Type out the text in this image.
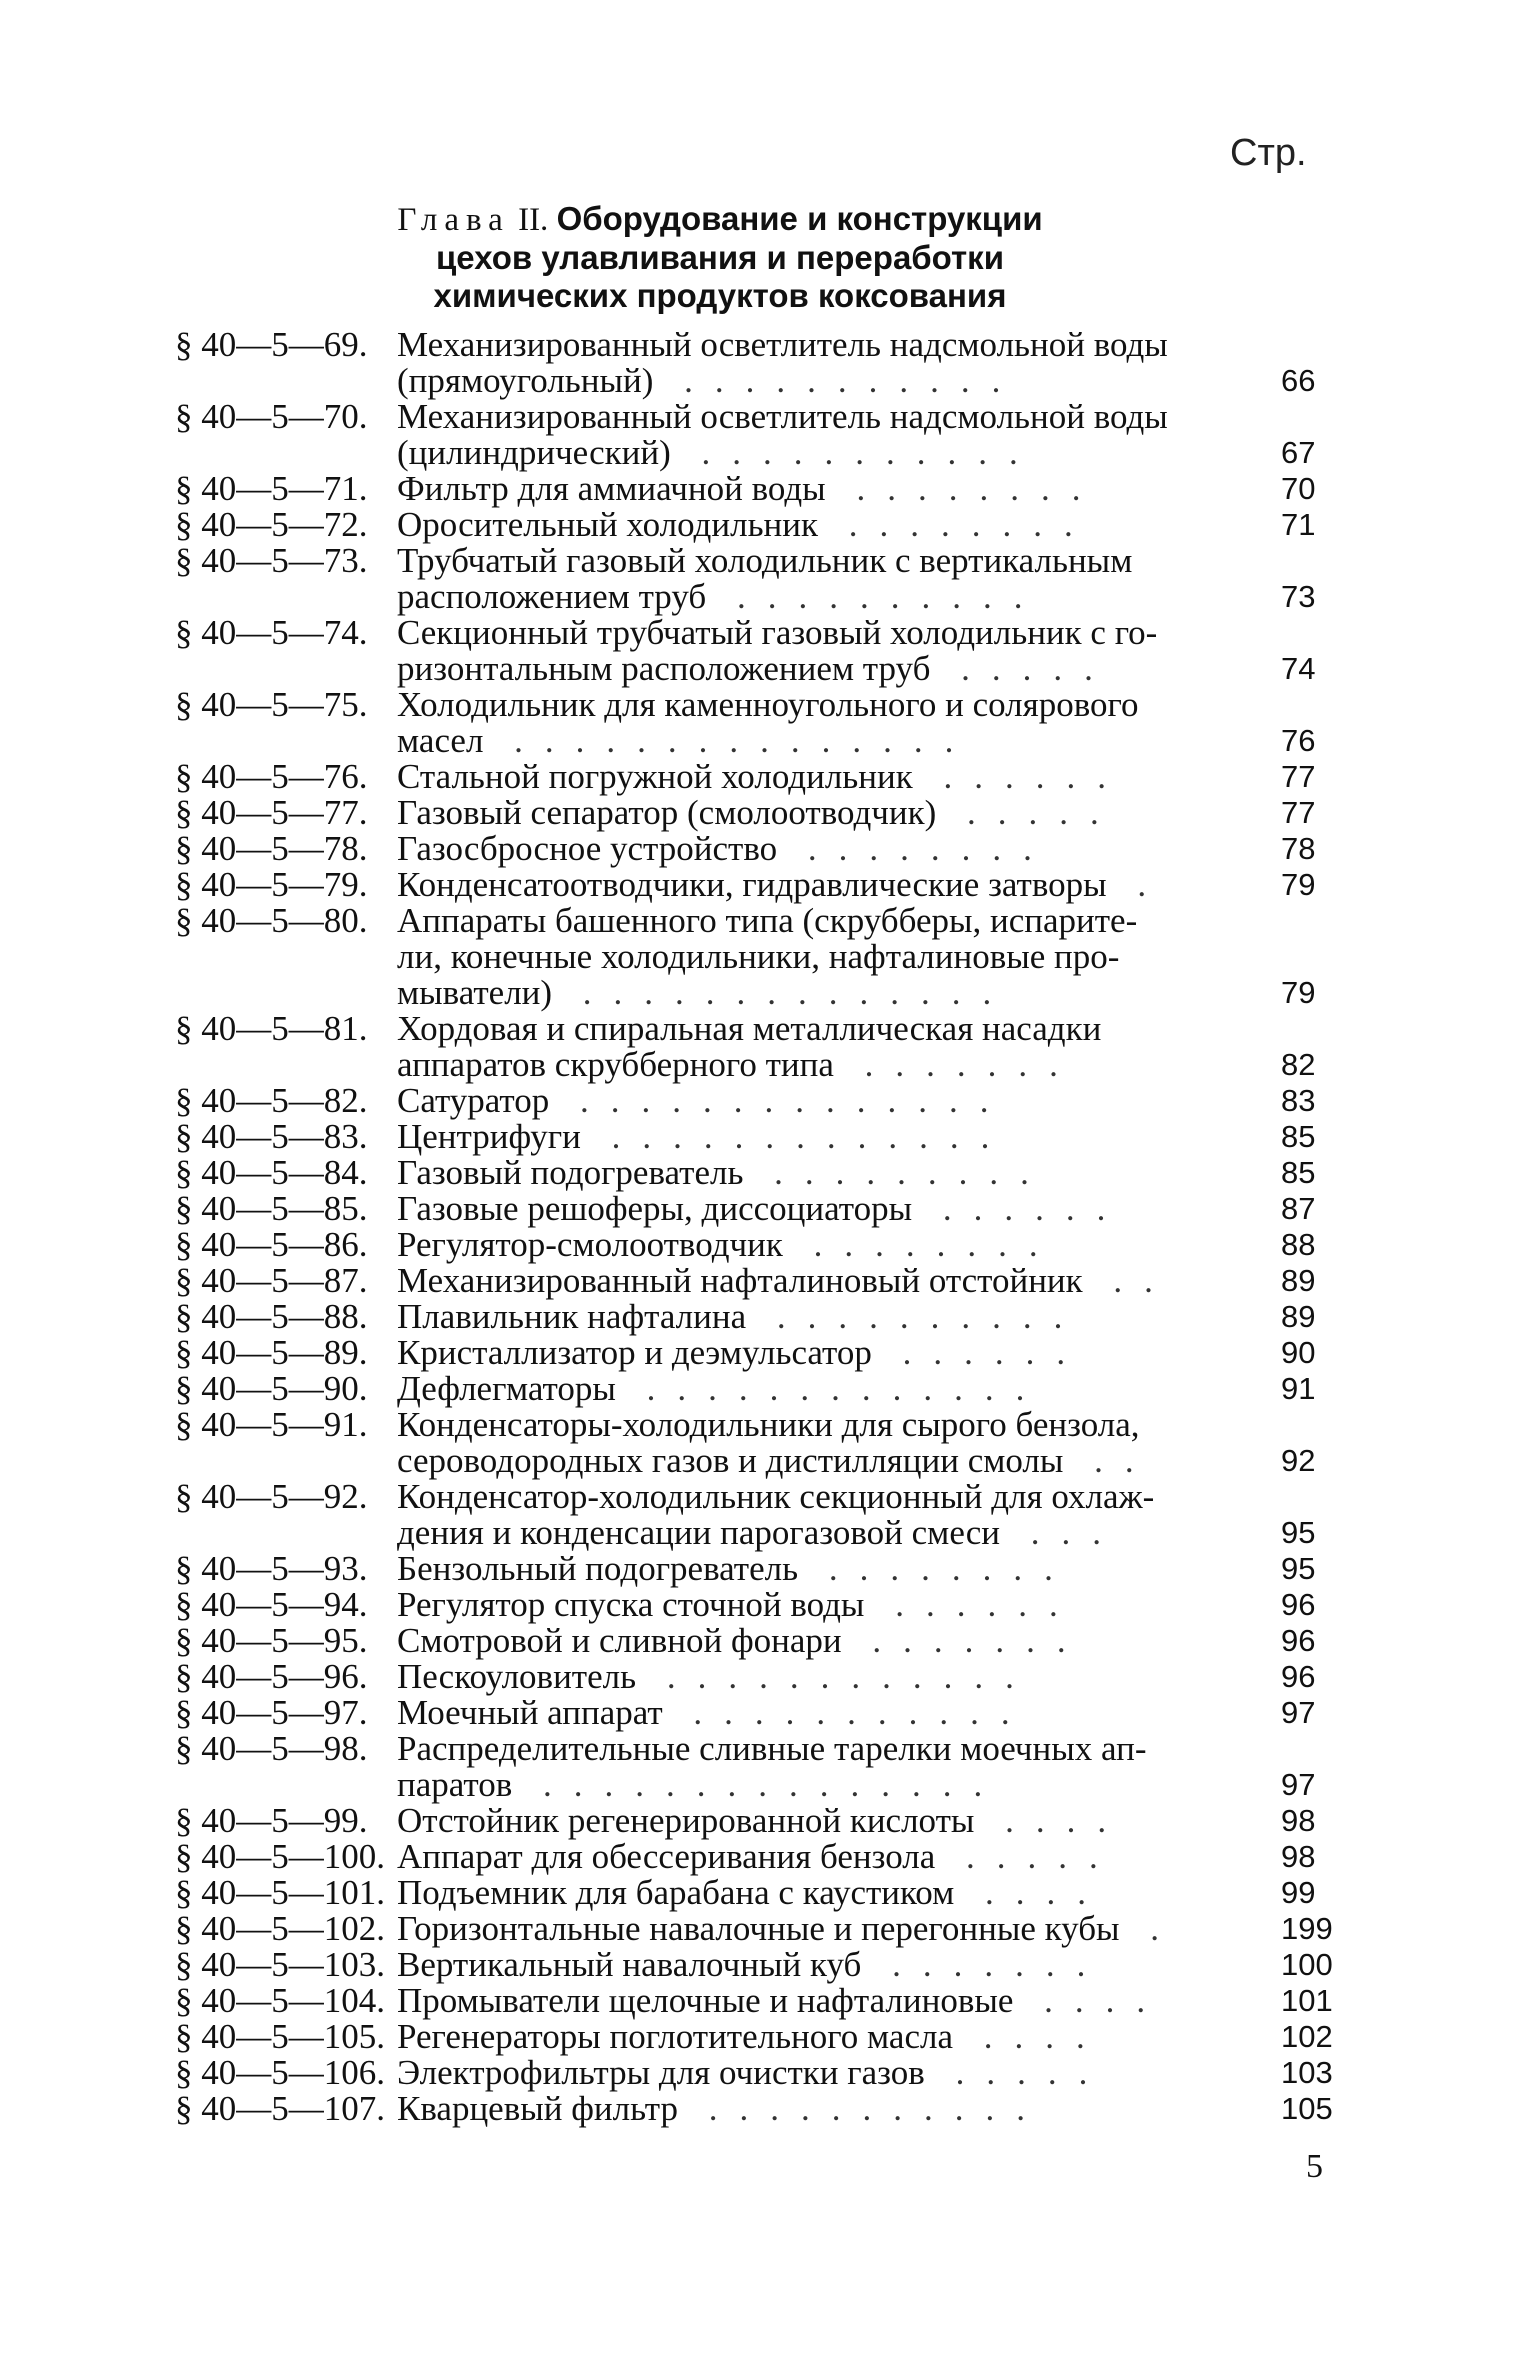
Стр.
Глава II. Оборудование и конструкции
цехов улавливания и переработки
химических продуктов коксования
§ 40—5—69. Механизированный осветлитель надсмольной воды
(прямоугольный) ...........	66
§ 40—5—70. Механизированный осветлитель надсмольной воды
(цилиндрический) ...........	67
§ 40—5—71. Фильтр для аммиачной воды ........	70
§ 40—5—72. Оросительный холодильник ........	71
§ 40—5—73. Трубчатый газовый холодильник с вертикальным
расположением труб ..........	73
§ 40—5—74. Секционный трубчатый газовый холодильник с го-
ризонтальным расположением труб .....	74
§ 40—5—75. Холодильник для каменноугольного и солярового
масел ...............	76
§ 40—5—76. Стальной погружной холодильник ......	77
§ 40—5—77. Газовый сепаратор (смолоотводчик) .....	77
§ 40—5—78. Газосбросное устройство ........	78
§ 40—5—79. Конденсатоотводчики, гидравлические затворы .	79
§ 40—5—80. Аппараты башенного типа (скрубберы, испарите-
ли, конечные холодильники, нафталиновые про-
мыватели) ..............	79
§ 40—5—81. Хордовая и спиральная металлическая насадки
аппаратов скрубберного типа .......	82
§ 40—5—82. Сатуратор ..............	83
§ 40—5—83. Центрифуги .............	85
§ 40—5—84. Газовый подогреватель .........	85
§ 40—5—85. Газовые решоферы, диссоциаторы ......	87
§ 40—5—86. Регулятор-смолоотводчик ........	88
§ 40—5—87. Механизированный нафталиновый отстойник ..	89
§ 40—5—88. Плавильник нафталина ..........	89
§ 40—5—89. Кристаллизатор и деэмульсатор ......	90
§ 40—5—90. Дефлегматоры .............	91
§ 40—5—91. Конденсаторы-холодильники для сырого бензола,
сероводородных газов и дистилляции смолы ..	92
§ 40—5—92. Конденсатор-холодильник секционный для охлаж-
дения и конденсации парогазовой смеси ...	95
§ 40—5—93. Бензольный подогреватель ........	95
§ 40—5—94. Регулятор спуска сточной воды ......	96
§ 40—5—95. Смотровой и сливной фонари .......	96
§ 40—5—96. Пескоуловитель ............	96
§ 40—5—97. Моечный аппарат ...........	97
§ 40—5—98. Распределительные сливные тарелки моечных ап-
паратов ...............	97
§ 40—5—99. Отстойник регенерированной кислоты ....	98
§ 40—5—100. Аппарат для обессеривания бензола .....	98
§ 40—5—101. Подъемник для барабана с каустиком ....	99
§ 40—5—102. Горизонтальные навалочные и перегонные кубы .	199
§ 40—5—103. Вертикальный навалочный куб .......	100
§ 40—5—104. Промыватели щелочные и нафталиновые ....	101
§ 40—5—105. Регенераторы поглотительного масла ....	102
§ 40—5—106. Электрофильтры для очистки газов .....	103
§ 40—5—107. Кварцевый фильтр ...........	105
5
